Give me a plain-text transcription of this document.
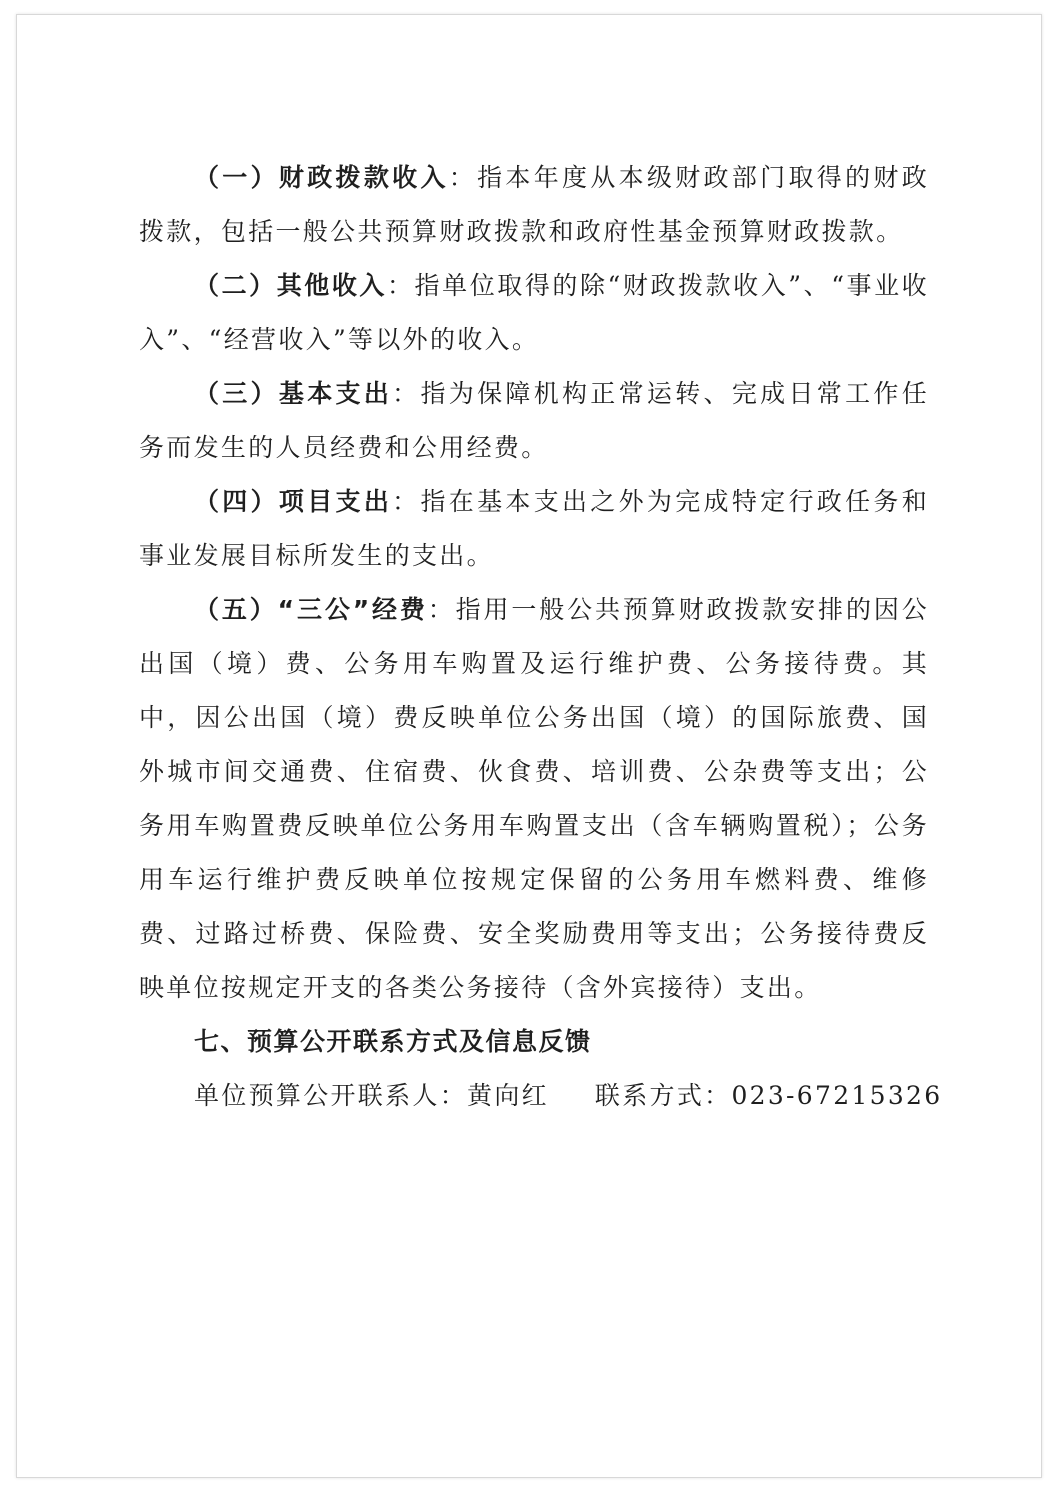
（一）财政拨款收入：指本年度从本级财政部门取得的财政拨款，包括一般公共预算财政拨款和政府性基金预算财政拨款。

（二）其他收入：指单位取得的除“财政拨款收入”、“事业收入”、“经营收入”等以外的收入。

（三）基本支出：指为保障机构正常运转、完成日常工作任务而发生的人员经费和公用经费。

（四）项目支出：指在基本支出之外为完成特定行政任务和事业发展目标所发生的支出。

（五）“三公”经费：指用一般公共预算财政拨款安排的因公出国（境）费、公务用车购置及运行维护费、公务接待费。其中，因公出国（境）费反映单位公务出国（境）的国际旅费、国外城市间交通费、住宿费、伙食费、培训费、公杂费等支出；公务用车购置费反映单位公务用车购置支出（含车辆购置税）；公务用车运行维护费反映单位按规定保留的公务用车燃料费、维修费、过路过桥费、保险费、安全奖励费用等支出；公务接待费反映单位按规定开支的各类公务接待（含外宾接待）支出。

七、预算公开联系方式及信息反馈

单位预算公开联系人：黄向红 联系方式：023-67215326
